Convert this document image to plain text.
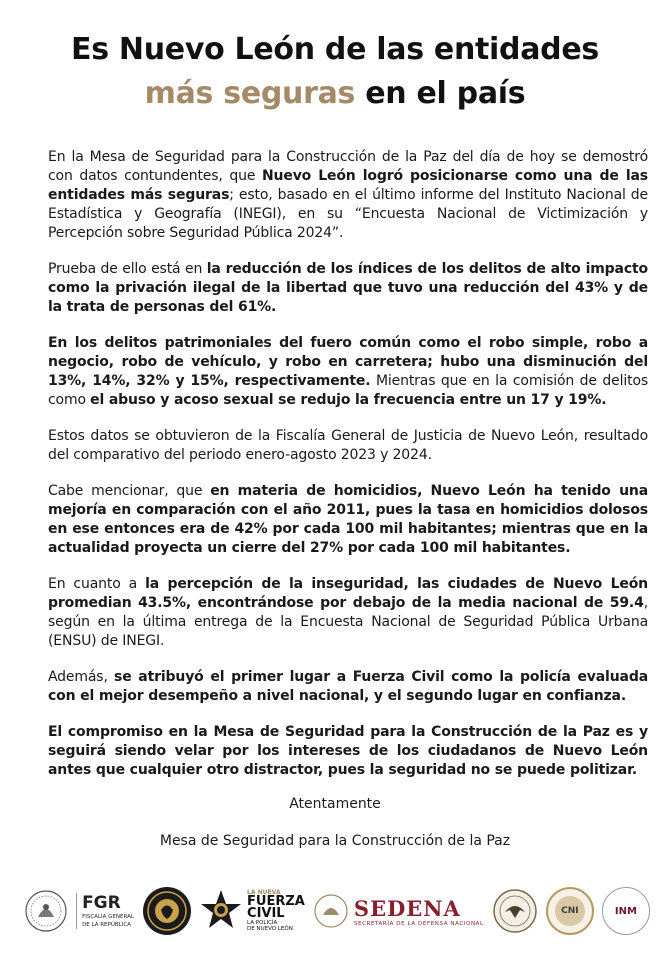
Es Nuevo León de las entidades
más seguras en el país

En la Mesa de Seguridad para la Construcción de la Paz del día de hoy se demostró con datos contundentes, que Nuevo León logró posicionarse como una de las entidades más seguras; esto, basado en el último informe del Instituto Nacional de Estadística y Geografía (INEGI), en su “Encuesta Nacional de Victimización y Percepción sobre Seguridad Pública 2024”.

Prueba de ello está en la reducción de los índices de los delitos de alto impacto como la privación ilegal de la libertad que tuvo una reducción del 43% y de la trata de personas del 61%.

En los delitos patrimoniales del fuero común como el robo simple, robo a negocio, robo de vehículo, y robo en carretera; hubo una disminución del 13%, 14%, 32% y 15%, respectivamente. Mientras que en la comisión de delitos como el abuso y acoso sexual se redujo la frecuencia entre un 17 y 19%.

Estos datos se obtuvieron de la Fiscalía General de Justicia de Nuevo León, resultado del comparativo del periodo enero-agosto 2023 y 2024.

Cabe mencionar, que en materia de homicidios, Nuevo León ha tenido una mejoría en comparación con el año 2011, pues la tasa en homicidios dolosos en ese entonces era de 42% por cada 100 mil habitantes; mientras que en la actualidad proyecta un cierre del 27% por cada 100 mil habitantes.

En cuanto a la percepción de la inseguridad, las ciudades de Nuevo León promedian 43.5%, encontrándose por debajo de la media nacional de 59.4, según en la última entrega de la Encuesta Nacional de Seguridad Pública Urbana (ENSU) de INEGI.

Además, se atribuyó el primer lugar a Fuerza Civil como la policía evaluada con el mejor desempeño a nivel nacional, y el segundo lugar en confianza.

El compromiso en la Mesa de Seguridad para la Construcción de la Paz es y seguirá siendo velar por los intereses de los ciudadanos de Nuevo León antes que cualquier otro distractor, pues la seguridad no se puede politizar.

Atentamente
Mesa de Seguridad para la Construcción de la Paz
FGR
FISCALÍA GENERAL
DE LA REPÚBLICA
LA NUEVA
FUERZA
CIVIL
LA POLICÍA
DE NUEVO LEÓN
SEDENA
SECRETARÍA DE LA DEFENSA NACIONAL
CNI	INM
